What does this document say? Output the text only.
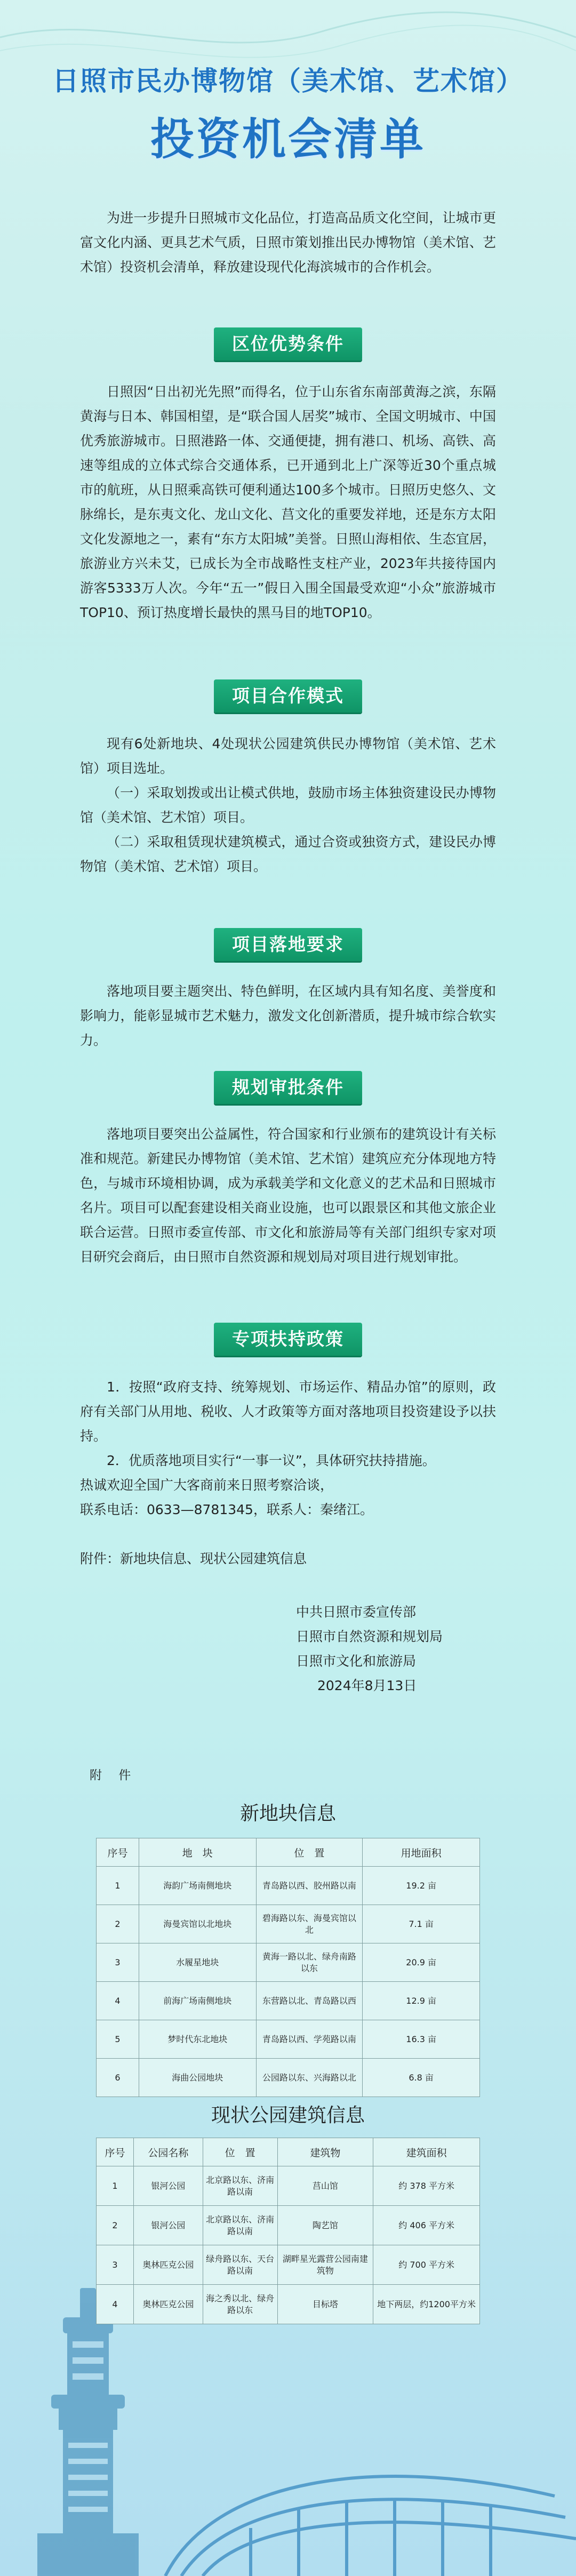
日照市民办博物馆（美术馆、艺术馆）
投资机会清单

为进一步提升日照城市文化品位，打造高品质文化空间，让城市更富文化内涵、更具艺术气质，日照市策划推出民办博物馆（美术馆、艺术馆）投资机会清单，释放建设现代化海滨城市的合作机会。

区位优势条件

日照因“日出初光先照”而得名，位于山东省东南部黄海之滨，东隔黄海与日本、韩国相望，是“联合国人居奖”城市、全国文明城市、中国优秀旅游城市。日照港路一体、交通便捷，拥有港口、机场、高铁、高速等组成的立体式综合交通体系，已开通到北上广深等近30个重点城市的航班，从日照乘高铁可便利通达100多个城市。日照历史悠久、文脉绵长，是东夷文化、龙山文化、莒文化的重要发祥地，还是东方太阳文化发源地之一，素有“东方太阳城”美誉。日照山海相依、生态宜居，旅游业方兴未艾，已成长为全市战略性支柱产业，2023年共接待国内游客5333万人次。今年“五一”假日入围全国最受欢迎“小众”旅游城市TOP10、预订热度增长最快的黑马目的地TOP10。

项目合作模式

现有6处新地块、4处现状公园建筑供民办博物馆（美术馆、艺术馆）项目选址。

（一）采取划拨或出让模式供地，鼓励市场主体独资建设民办博物馆（美术馆、艺术馆）项目。

（二）采取租赁现状建筑模式，通过合资或独资方式，建设民办博物馆（美术馆、艺术馆）项目。

项目落地要求

落地项目要主题突出、特色鲜明，在区域内具有知名度、美誉度和影响力，能彰显城市艺术魅力，激发文化创新潜质，提升城市综合软实力。

规划审批条件

落地项目要突出公益属性，符合国家和行业颁布的建筑设计有关标准和规范。新建民办博物馆（美术馆、艺术馆）建筑应充分体现地方特色，与城市环境相协调，成为承载美学和文化意义的艺术品和日照城市名片。项目可以配套建设相关商业设施，也可以跟景区和其他文旅企业联合运营。日照市委宣传部、市文化和旅游局等有关部门组织专家对项目研究会商后，由日照市自然资源和规划局对项目进行规划审批。

专项扶持政策

1．按照“政府支持、统筹规划、市场运作、精品办馆”的原则，政府有关部门从用地、税收、人才政策等方面对落地项目投资建设予以扶持。

2．优质落地项目实行“一事一议”，具体研究扶持措施。

热诚欢迎全国广大客商前来日照考察洽谈，

联系电话：0633—8781345，联系人：秦绪江。

附件：新地块信息、现状公园建筑信息

中共日照市委宣传部
日照市自然资源和规划局
日照市文化和旅游局
2024年8月13日
附 件
新地块信息
序号	地　块	位　置	用地面积
1	海韵广场南侧地块	青岛路以西、胶州路以南	19.2 亩
2	海曼宾馆以北地块	碧海路以东、海曼宾馆以北	7.1 亩
3	水履星地块	黄海一路以北、绿舟南路以东	20.9 亩
4	前海广场南侧地块	东营路以北、青岛路以西	12.9 亩
5	梦时代东北地块	青岛路以西、学苑路以南	16.3 亩
6	海曲公园地块	公园路以东、兴海路以北	6.8 亩
现状公园建筑信息
序号	公园名称	位　置	建筑物	建筑面积
1	银河公园	北京路以东、济南路以南	莒山馆	约 378 平方米
2	银河公园	北京路以东、济南路以南	陶艺馆	约 406 平方米
3	奥林匹克公园	绿舟路以东、天台路以南	湖畔星光露营公园南建筑物	约 700 平方米
4	奥林匹克公园	海之秀以北、绿舟路以东	目标塔	地下两层，约1200平方米
